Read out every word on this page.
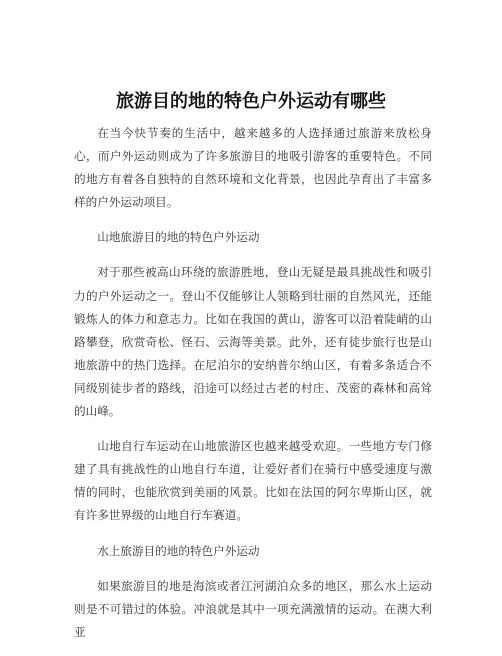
旅游目的地的特色户外运动有哪些

在当今快节奏的生活中，越来越多的人选择通过旅游来放松身心，而户外运动则成为了许多旅游目的地吸引游客的重要特色。不同的地方有着各自独特的自然环境和文化背景，也因此孕育出了丰富多样的户外运动项目。

山地旅游目的地的特色户外运动

对于那些被高山环绕的旅游胜地，登山无疑是最具挑战性和吸引力的户外运动之一。登山不仅能够让人领略到壮丽的自然风光，还能锻炼人的体力和意志力。比如在我国的黄山，游客可以沿着陡峭的山路攀登，欣赏奇松、怪石、云海等美景。此外，还有徒步旅行也是山地旅游中的热门选择。在尼泊尔的安纳普尔纳山区，有着多条适合不同级别徒步者的路线，沿途可以经过古老的村庄、茂密的森林和高耸的山峰。

山地自行车运动在山地旅游区也越来越受欢迎。一些地方专门修建了具有挑战性的山地自行车道，让爱好者们在骑行中感受速度与激情的同时，也能欣赏到美丽的风景。比如在法国的阿尔卑斯山区，就有许多世界级的山地自行车赛道。

水上旅游目的地的特色户外运动

如果旅游目的地是海滨或者江河湖泊众多的地区，那么水上运动则是不可错过的体验。冲浪就是其中一项充满激情的运动。在澳大利亚
